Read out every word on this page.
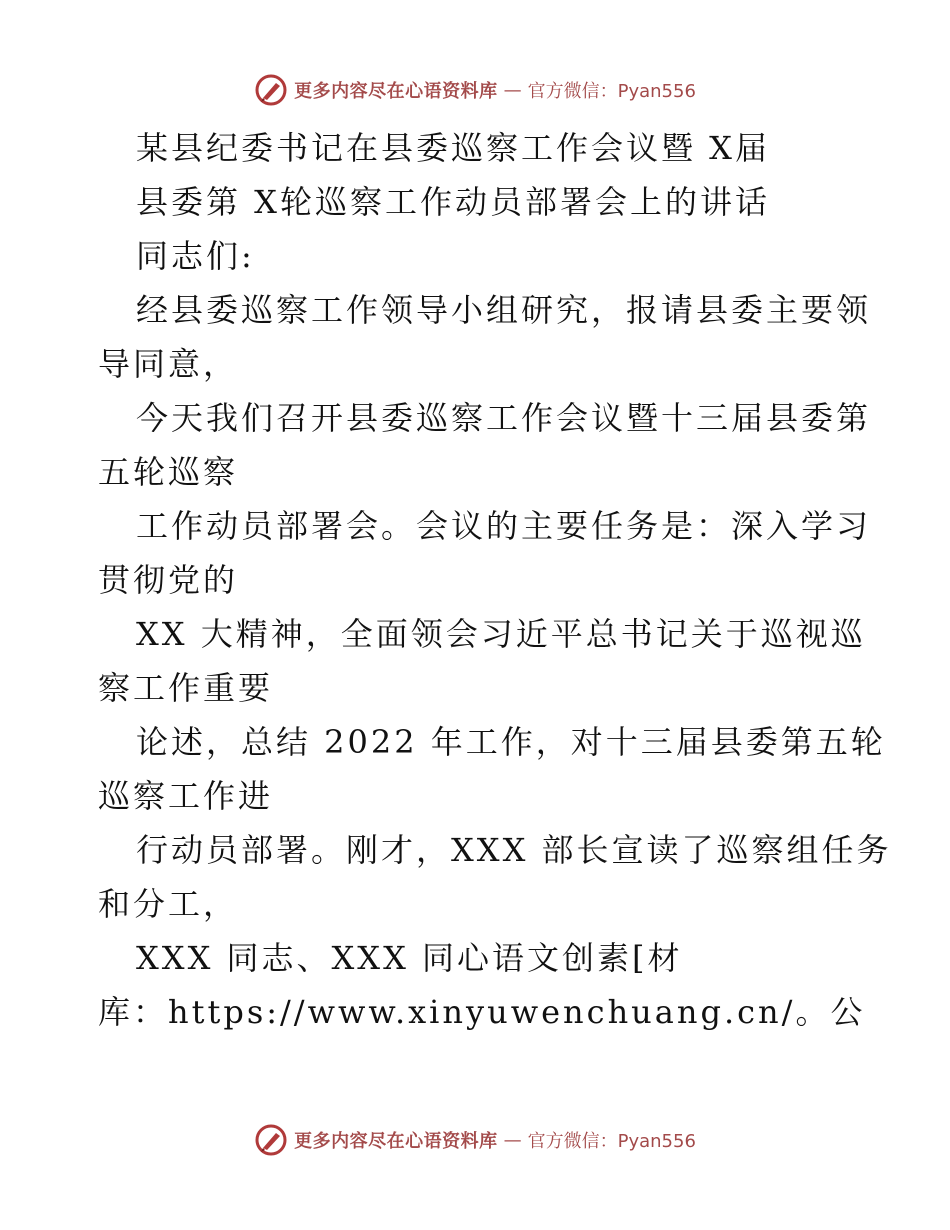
更多内容尽在心语资料库 — 官方微信：Pyan556
某县纪委书记在县委巡察工作会议暨 X届
县委第 X轮巡察工作动员部署会上的讲话
同志们:
经县委巡察工作领导小组研究，报请县委主要领
导同意，
今天我们召开县委巡察工作会议暨十三届县委第
五轮巡察
工作动员部署会。会议的主要任务是：深入学习
贯彻党的
XX 大精神，全面领会习近平总书记关于巡视巡
察工作重要
论述，总结 2022 年工作，对十三届县委第五轮
巡察工作进
行动员部署。刚才，XXX 部长宣读了巡察组任务
和分工，
XXX 同志、XXX 同心语文创素[材
库：https://www.xinyuwenchuang.cn/。公
更多内容尽在心语资料库 — 官方微信：Pyan556
